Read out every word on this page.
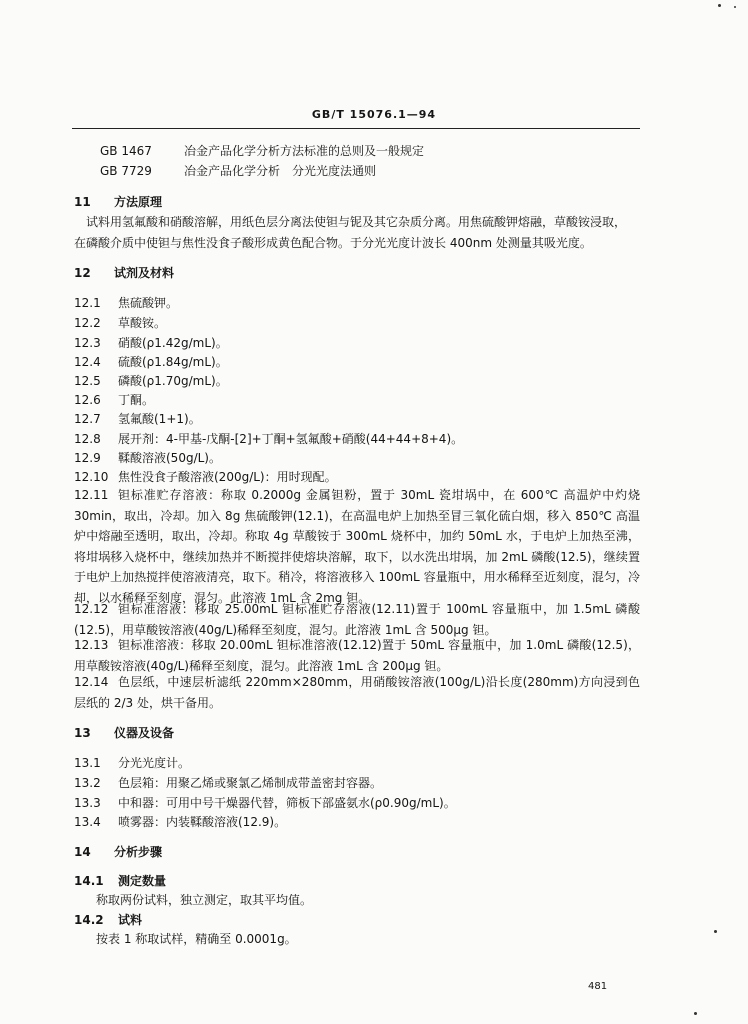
GB/T 15076.1—94
GB 1467	冶金产品化学分析方法标准的总则及一般规定
GB 7729	冶金产品化学分析　分光光度法通则
11 方法原理
试料用氢氟酸和硝酸溶解，用纸色层分离法使钽与铌及其它杂质分离。用焦硫酸钾熔融，草酸铵浸取，在磷酸介质中使钽与焦性没食子酸形成黄色配合物。于分光光度计波长 400nm 处测量其吸光度。
12 试剂及材料
12.1 焦硫酸钾。
12.2 草酸铵。
12.3 硝酸(ρ1.42g/mL)。
12.4 硫酸(ρ1.84g/mL)。
12.5 磷酸(ρ1.70g/mL)。
12.6 丁酮。
12.7 氢氟酸(1+1)。
12.8 展开剂：4-甲基-戊酮-[2]+丁酮+氢氟酸+硝酸(44+44+8+4)。
12.9 鞣酸溶液(50g/L)。
12.10 焦性没食子酸溶液(200g/L)：用时现配。
12.11 钽标准贮存溶液：称取 0.2000g 金属钽粉，置于 30mL 瓷坩埚中，在 600℃ 高温炉中灼烧 30min，取出，冷却。加入 8g 焦硫酸钾(12.1)，在高温电炉上加热至冒三氧化硫白烟，移入 850℃ 高温炉中熔融至透明，取出，冷却。称取 4g 草酸铵于 300mL 烧杯中，加约 50mL 水，于电炉上加热至沸，将坩埚移入烧杯中，继续加热并不断搅拌使熔块溶解，取下，以水洗出坩埚，加 2mL 磷酸(12.5)，继续置于电炉上加热搅拌使溶液清亮，取下。稍冷，将溶液移入 100mL 容量瓶中，用水稀释至近刻度，混匀，冷却，以水稀释至刻度，混匀。此溶液 1mL 含 2mg 钽。
12.12 钽标准溶液：移取 25.00mL 钽标准贮存溶液(12.11)置于 100mL 容量瓶中，加 1.5mL 磷酸(12.5)，用草酸铵溶液(40g/L)稀释至刻度，混匀。此溶液 1mL 含 500μg 钽。
12.13 钽标准溶液：移取 20.00mL 钽标准溶液(12.12)置于 50mL 容量瓶中，加 1.0mL 磷酸(12.5)，用草酸铵溶液(40g/L)稀释至刻度，混匀。此溶液 1mL 含 200μg 钽。
12.14 色层纸，中速层析滤纸 220mm×280mm，用硝酸铵溶液(100g/L)沿长度(280mm)方向浸到色层纸的 2/3 处，烘干备用。
13 仪器及设备
13.1 分光光度计。
13.2 色层箱：用聚乙烯或聚氯乙烯制成带盖密封容器。
13.3 中和器：可用中号干燥器代替，筛板下部盛氨水(ρ0.90g/mL)。
13.4 喷雾器：内装鞣酸溶液(12.9)。
14 分析步骤
14.1 测定数量
称取两份试料，独立测定，取其平均值。
14.2 试料
按表 1 称取试样，精确至 0.0001g。
481
